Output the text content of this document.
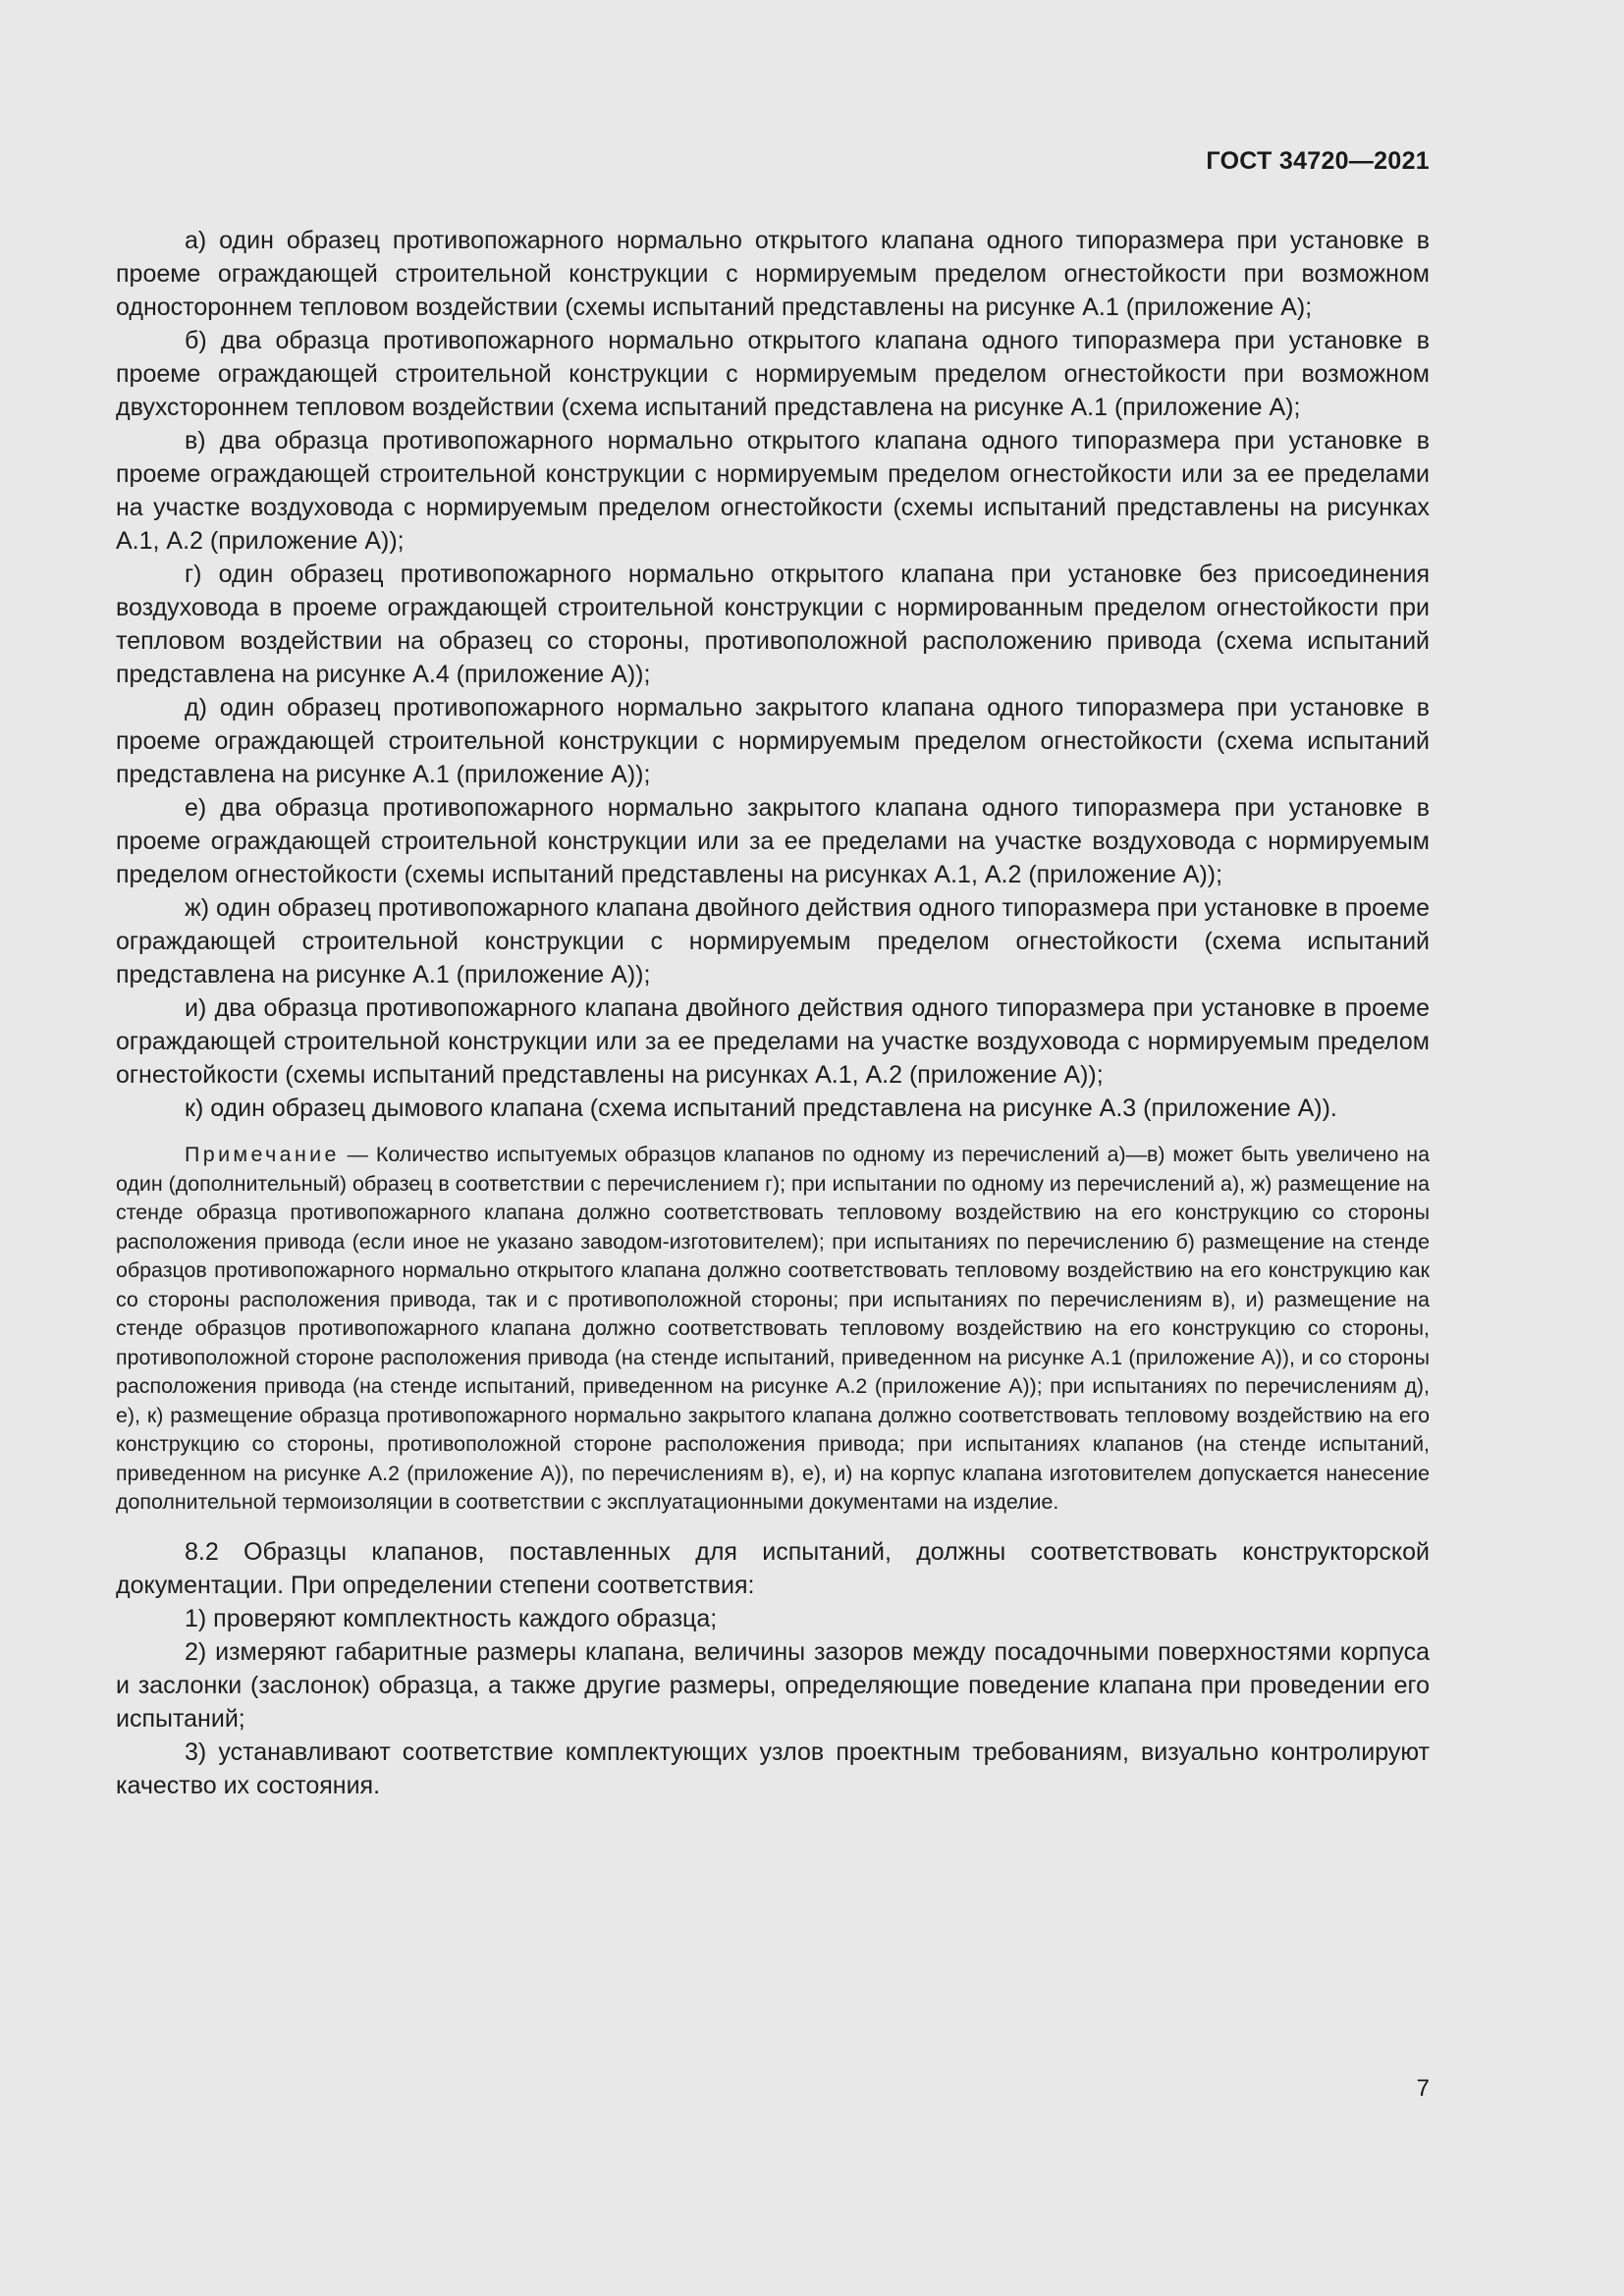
ГОСТ 34720—2021

а) один образец противопожарного нормально открытого клапана одного типоразмера при установке в проеме ограждающей строительной конструкции с нормируемым пределом огнестойкости при возможном одностороннем тепловом воздействии (схемы испытаний представлены на рисунке А.1 (приложение А);

б) два образца противопожарного нормально открытого клапана одного типоразмера при установке в проеме ограждающей строительной конструкции с нормируемым пределом огнестойкости при возможном двухстороннем тепловом воздействии (схема испытаний представлена на рисунке А.1 (приложение А);

в) два образца противопожарного нормально открытого клапана одного типоразмера при установке в проеме ограждающей строительной конструкции с нормируемым пределом огнестойкости или за ее пределами на участке воздуховода с нормируемым пределом огнестойкости (схемы испытаний представлены на рисунках А.1, А.2 (приложение А));

г) один образец противопожарного нормально открытого клапана при установке без присоединения воздуховода в проеме ограждающей строительной конструкции с нормированным пределом огнестойкости при тепловом воздействии на образец со стороны, противоположной расположению привода (схема испытаний представлена на рисунке А.4 (приложение А));

д) один образец противопожарного нормально закрытого клапана одного типоразмера при установке в проеме ограждающей строительной конструкции с нормируемым пределом огнестойкости (схема испытаний представлена на рисунке А.1 (приложение А));

е) два образца противопожарного нормально закрытого клапана одного типоразмера при установке в проеме ограждающей строительной конструкции или за ее пределами на участке воздуховода с нормируемым пределом огнестойкости (схемы испытаний представлены на рисунках А.1, А.2 (приложение А));

ж) один образец противопожарного клапана двойного действия одного типоразмера при установке в проеме ограждающей строительной конструкции с нормируемым пределом огнестойкости (схема испытаний представлена на рисунке А.1 (приложение А));

и) два образца противопожарного клапана двойного действия одного типоразмера при установке в проеме ограждающей строительной конструкции или за ее пределами на участке воздуховода с нормируемым пределом огнестойкости (схемы испытаний представлены на рисунках А.1, А.2 (приложение А));

к) один образец дымового клапана (схема испытаний представлена на рисунке А.3 (приложение А)).

Примечание — Количество испытуемых образцов клапанов по одному из перечислений а)—в) может быть увеличено на один (дополнительный) образец в соответствии с перечислением г); при испытании по одному из перечислений а), ж) размещение на стенде образца противопожарного клапана должно соответствовать тепловому воздействию на его конструкцию со стороны расположения привода (если иное не указано заводом-изготовителем); при испытаниях по перечислению б) размещение на стенде образцов противопожарного нормально открытого клапана должно соответствовать тепловому воздействию на его конструкцию как со стороны расположения привода, так и с противоположной стороны; при испытаниях по перечислениям в), и) размещение на стенде образцов противопожарного клапана должно соответствовать тепловому воздействию на его конструкцию со стороны, противоположной стороне расположения привода (на стенде испытаний, приведенном на рисунке А.1 (приложение А)), и со стороны расположения привода (на стенде испытаний, приведенном на рисунке А.2 (приложение А)); при испытаниях по перечислениям д), е), к) размещение образца противопожарного нормально закрытого клапана должно соответствовать тепловому воздействию на его конструкцию со стороны, противоположной стороне расположения привода; при испытаниях клапанов (на стенде испытаний, приведенном на рисунке А.2 (приложение А)), по перечислениям в), е), и) на корпус клапана изготовителем допускается нанесение дополнительной термоизоляции в соответствии с эксплуатационными документами на изделие.

8.2 Образцы клапанов, поставленных для испытаний, должны соответствовать конструкторской документации. При определении степени соответствия:

1) проверяют комплектность каждого образца;

2) измеряют габаритные размеры клапана, величины зазоров между посадочными поверхностями корпуса и заслонки (заслонок) образца, а также другие размеры, определяющие поведение клапана при проведении его испытаний;

3) устанавливают соответствие комплектующих узлов проектным требованиям, визуально контролируют качество их состояния.

7
